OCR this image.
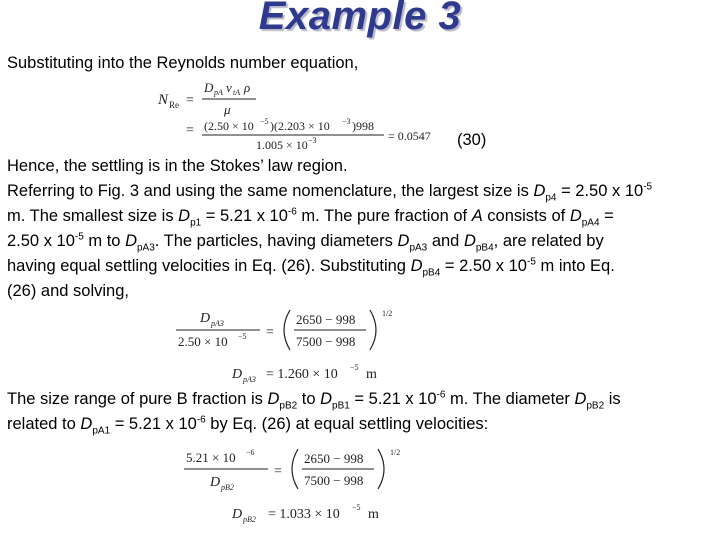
Example 3
Substituting into the Reynolds number equation,
N Re =
D pA v tA ρ
μ
= (2.50 × 10 −5 )(2.203 × 10 −3 )998
1.005 × 10 −3	= 0.0547 (30)
Hence, the settling is in the Stokes’ law region.
Referring to Fig. 3 and using the same nomenclature, the largest size is $D_{p4} = 2.50$ x $10^{-5}$
m. The smallest size is $D_{p1} = 5.21$ x $10^{-6}$ m. The pure fraction of A consists of $D_{pA4}$ =
2.50 x $10^{-5}$ m to $D_{pA3}$. The particles, having diameters $D_{pA3}$ and $D_{pB4}$, are related by
having equal settling velocities in Eq. (26). Substituting $D_{pB4} = 2.50$ x $10^{-5}$ m into Eq.
(26) and solving,
D pA3
2.50 × 10 −5 =
2650 − 998
7500 − 998
1/2
D pA3 = 1.260 × 10 −5 m
The size range of pure B fraction is $D_{pB2}$ to $D_{pB1} = 5.21$ x $10^{-6}$ m. The diameter $D_{pB2}$ is
related to $D_{pA1} = 5.21$ x $10^{-6}$ by Eq. (26) at equal settling velocities:
5.21 × 10 −6
D pB2
=
2650 − 998
7500 − 998
1/2
D pB2 = 1.033 × 10 −5 m
